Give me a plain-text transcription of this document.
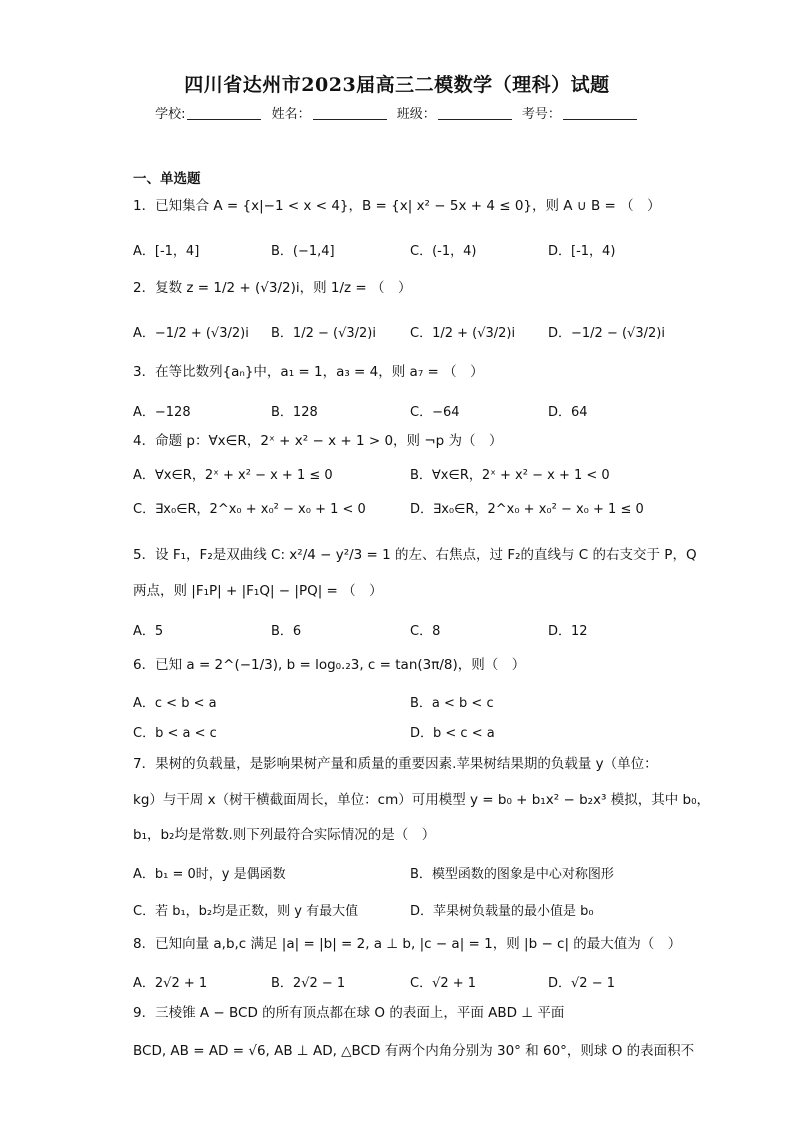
四川省达州市2023届高三二模数学（理科）试题
学校:	姓名：	班级：	考号：
一、单选题
1．已知集合 A = {x|−1 < x < 4}，B = {x| x² − 5x + 4 ≤ 0}，则 A ∪ B = （　）
A．[-1，4]	B．(−1,4]	C．(-1，4)	D．[-1，4)
2．复数 z = 1/2 + (√3/2)i，则 1/z = （　）
A．−1/2 + (√3/2)i B．1/2 − (√3/2)i	C．1/2 + (√3/2)i	D．−1/2 − (√3/2)i
3．在等比数列{aₙ}中，a₁ = 1，a₃ = 4，则 a₇ = （　）
A．−128	B．128	C．−64	D．64
4．命题 p：∀x∈R，2ˣ + x² − x + 1 > 0，则 ¬p 为（　）
A．∀x∈R，2ˣ + x² − x + 1 ≤ 0	B．∀x∈R，2ˣ + x² − x + 1 < 0
C．∃x₀∈R，2^x₀ + x₀² − x₀ + 1 < 0	D．∃x₀∈R，2^x₀ + x₀² − x₀ + 1 ≤ 0
5．设 F₁，F₂是双曲线 C: x²/4 − y²/3 = 1 的左、右焦点，过 F₂的直线与 C 的右支交于 P，Q
两点，则 |F₁P| + |F₁Q| − |PQ| = （　）
A．5	B．6	C．8	D．12
6．已知 a = 2^(−1/3), b = log₀.₂3, c = tan(3π/8)，则（　）
A．c < b < a	B．a < b < c
C．b < a < c	D．b < c < a
7．果树的负载量，是影响果树产量和质量的重要因素.苹果树结果期的负载量 y（单位：
kg）与干周 x（树干横截面周长，单位：cm）可用模型 y = b₀ + b₁x² − b₂x³ 模拟，其中 b₀，
b₁，b₂均是常数.则下列最符合实际情况的是（　）
A．b₁ = 0时，y 是偶函数	B．模型函数的图象是中心对称图形
C．若 b₁，b₂均是正数，则 y 有最大值	D．苹果树负载量的最小值是 b₀
8．已知向量 a,b,c 满足 |a| = |b| = 2, a ⊥ b, |c − a| = 1，则 |b − c| 的最大值为（　）
A．2√2 + 1	B．2√2 − 1	C．√2 + 1	D．√2 − 1
9．三棱锥 A − BCD 的所有顶点都在球 O 的表面上，平面 ABD ⊥ 平面
BCD, AB = AD = √6, AB ⊥ AD, △BCD 有两个内角分别为 30° 和 60°，则球 O 的表面积不
